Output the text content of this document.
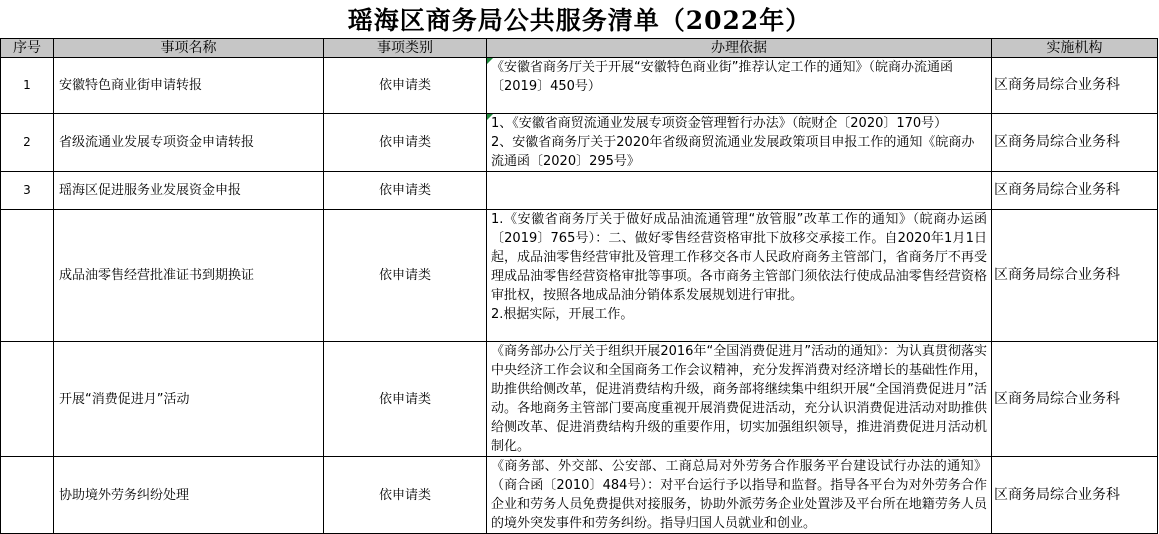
瑶海区商务局公共服务清单（2022年）
序号	事项名称	事项类别	办理依据	实施机构
1	安徽特色商业街申请转报	依申请类	《安徽省商务厅关于开展“安徽特色商业街”推荐认定工作的通知》（皖商办流通函〔2019〕450号）	区商务局综合业务科
2	省级流通业发展专项资金申请转报	依申请类	1、《安徽省商贸流通业发展专项资金管理暂行办法》（皖财企〔2020〕170号）
2、安徽省商务厅关于2020年省级商贸流通业发展政策项目申报工作的通知《皖商办流通函〔2020〕295号》	区商务局综合业务科
3	瑶海区促进服务业发展资金申报	依申请类		区商务局综合业务科
	成品油零售经营批准证书到期换证	依申请类	1.《安徽省商务厅关于做好成品油流通管理“放管服”改革工作的通知》（皖商办运函〔2019〕765号）：二、做好零售经营资格审批下放移交承接工作。自2020年1月1日起，成品油零售经营审批及管理工作移交各市人民政府商务主管部门，省商务厅不再受理成品油零售经营资格审批等事项。各市商务主管部门须依法行使成品油零售经营资格审批权，按照各地成品油分销体系发展规划进行审批。
2.根据实际，开展工作。	区商务局综合业务科
	开展“消费促进月”活动	依申请类	《商务部办公厅关于组织开展2016年“全国消费促进月”活动的通知》：为认真贯彻落实中央经济工作会议和全国商务工作会议精神，充分发挥消费对经济增长的基础性作用，助推供给侧改革，促进消费结构升级，商务部将继续集中组织开展“全国消费促进月”活动。各地商务主管部门要高度重视开展消费促进活动，充分认识消费促进活动对助推供给侧改革、促进消费结构升级的重要作用，切实加强组织领导，推进消费促进月活动机制化。	区商务局综合业务科
	协助境外劳务纠纷处理	依申请类	《商务部、外交部、公安部、工商总局对外劳务合作服务平台建设试行办法的通知》（商合函〔2010〕484号）：对平台运行予以指导和监督。指导各平台为对外劳务合作企业和劳务人员免费提供对接服务，协助外派劳务企业处置涉及平台所在地籍劳务人员的境外突发事件和劳务纠纷。指导归国人员就业和创业。	区商务局综合业务科
